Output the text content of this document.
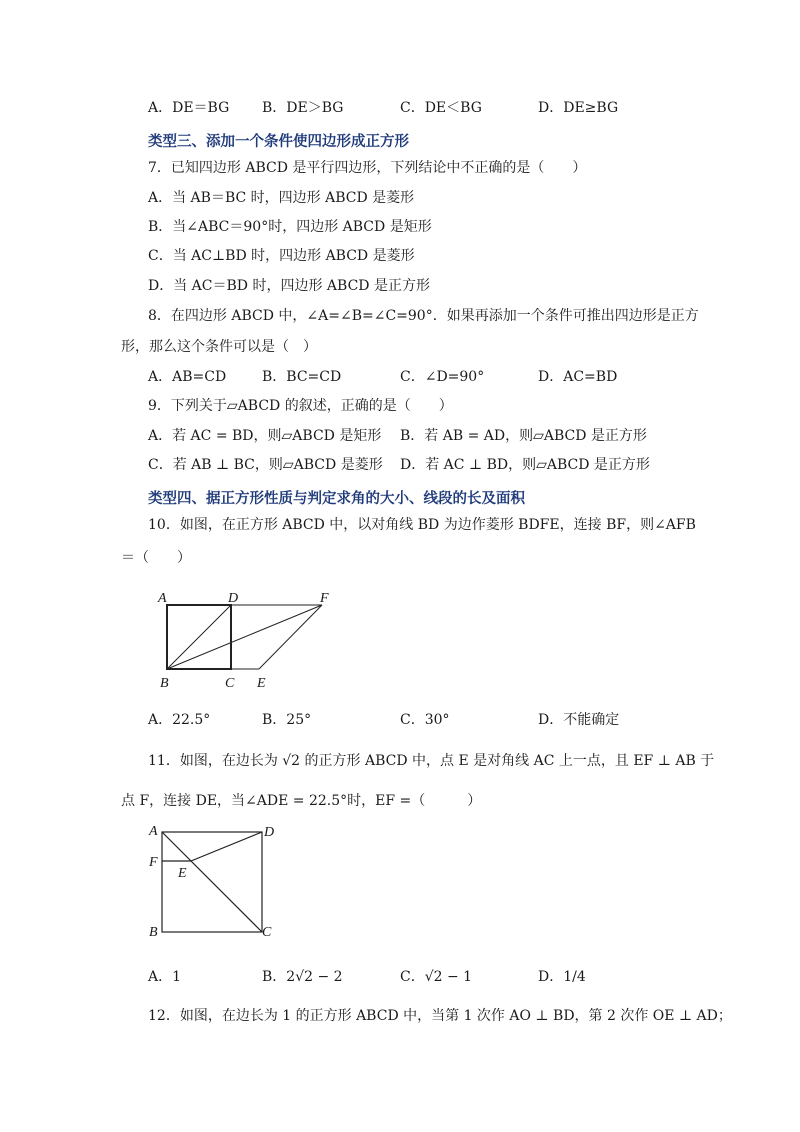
A．DE＝BG B．DE＞BG	C．DE＜BG	D．DE≥BG
类型三、添加一个条件使四边形成正方形
7．已知四边形 ABCD 是平行四边形，下列结论中不正确的是（　　）
A．当 AB＝BC 时，四边形 ABCD 是菱形
B．当∠ABC＝90°时，四边形 ABCD 是矩形
C．当 AC⊥BD 时，四边形 ABCD 是菱形
D．当 AC＝BD 时，四边形 ABCD 是正方形
8．在四边形 ABCD 中，∠A=∠B=∠C=90°．如果再添加一个条件可推出四边形是正方
形，那么这个条件可以是（　）
A．AB=CD	B．BC=CD	C．∠D=90°	D．AC=BD
9．下列关于▱ABCD 的叙述，正确的是（　　）
A．若 AC = BD，则▱ABCD 是矩形 B．若 AB = AD，则▱ABCD 是正方形
C．若 AB ⊥ BC，则▱ABCD 是菱形 D．若 AC ⊥ BD，则▱ABCD 是正方形
类型四、据正方形性质与判定求角的大小、线段的长及面积
10．如图，在正方形 ABCD 中，以对角线 BD 为边作菱形 BDFE，连接 BF，则∠AFB
＝（　　）
A	D	F
B	C E
A．22.5°	B．25°	C．30°	D．不能确定
11．如图，在边长为 √2 的正方形 ABCD 中，点 E 是对角线 AC 上一点，且 EF ⊥ AB 于
点 F，连接 DE，当∠ADE = 22.5°时，EF =（　　　）
A	D
F
E
B	C
A．1	B．2√2 − 2	C．√2 − 1	D．1/4
12．如图，在边长为 1 的正方形 ABCD 中，当第 1 次作 AO ⊥ BD，第 2 次作 OE ⊥ AD；
